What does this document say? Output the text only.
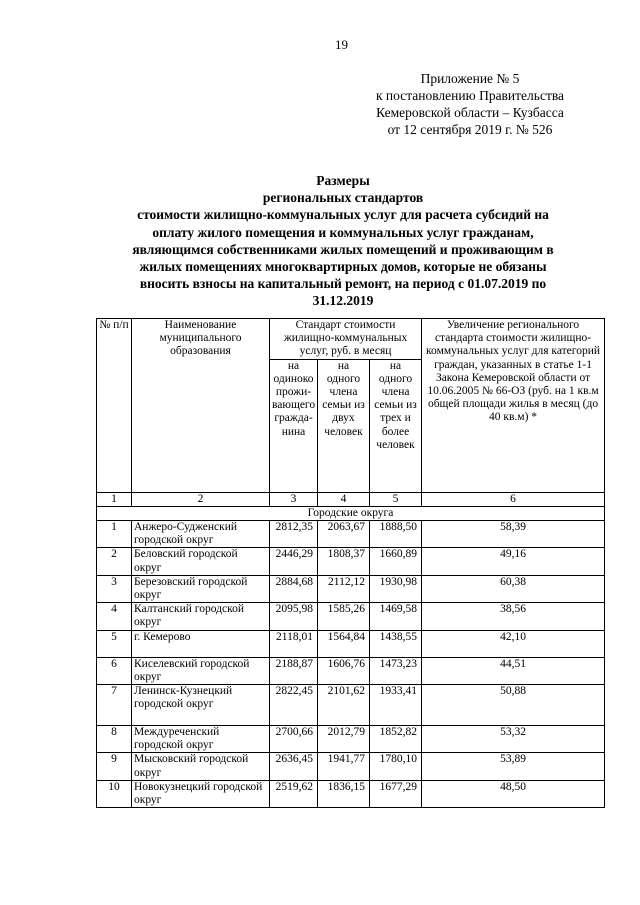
19
Приложение № 5
к постановлению Правительства
Кемеровской области – Кузбасса
от 12 сентября 2019 г. № 526
Размеры
региональных стандартов
стоимости жилищно-коммунальных услуг для расчета субсидий на
оплату жилого помещения и коммунальных услуг гражданам,
являющимся собственниками жилых помещений и проживающим в
жилых помещениях многоквартирных домов, которые не обязаны
вносить взносы на капитальный ремонт, на период с 01.07.2019 по
31.12.2019
№ п/п	Наименование муниципального образования	Стандарт стоимости жилищно-коммунальных услуг, руб. в месяц			Увеличение регионального стандарта стоимости жилищно-коммунальных услуг для категорий граждан, указанных в статье 1-1 Закона Кемеровской области от 10.06.2005 № 66-ОЗ (руб. на 1 кв.м общей площади жилья в месяц (до 40 кв.м) *
		на одиноко прожи-вающего гражда-нина	на одного члена семьи из двух человек	на одного члена семьи из трех и более человек	
1	2	3	4	5	6
Городские округа					
1	Анжеро-Судженский городской округ	2812,35	2063,67	1888,50	58,39
2	Беловский городской округ	2446,29	1808,37	1660,89	49,16
3	Березовский городской округ	2884,68	2112,12	1930,98	60,38
4	Калтанский городской округ	2095,98	1585,26	1469,58	38,56
5	г. Кемерово	2118,01	1564,84	1438,55	42,10
6	Киселевский городской округ	2188,87	1606,76	1473,23	44,51
7	Ленинск-Кузнецкий городской округ	2822,45	2101,62	1933,41	50,88
8	Междуреченский городской округ	2700,66	2012,79	1852,82	53,32
9	Мысковский городской округ	2636,45	1941,77	1780,10	53,89
10	Новокузнецкий городской округ	2519,62	1836,15	1677,29	48,50
